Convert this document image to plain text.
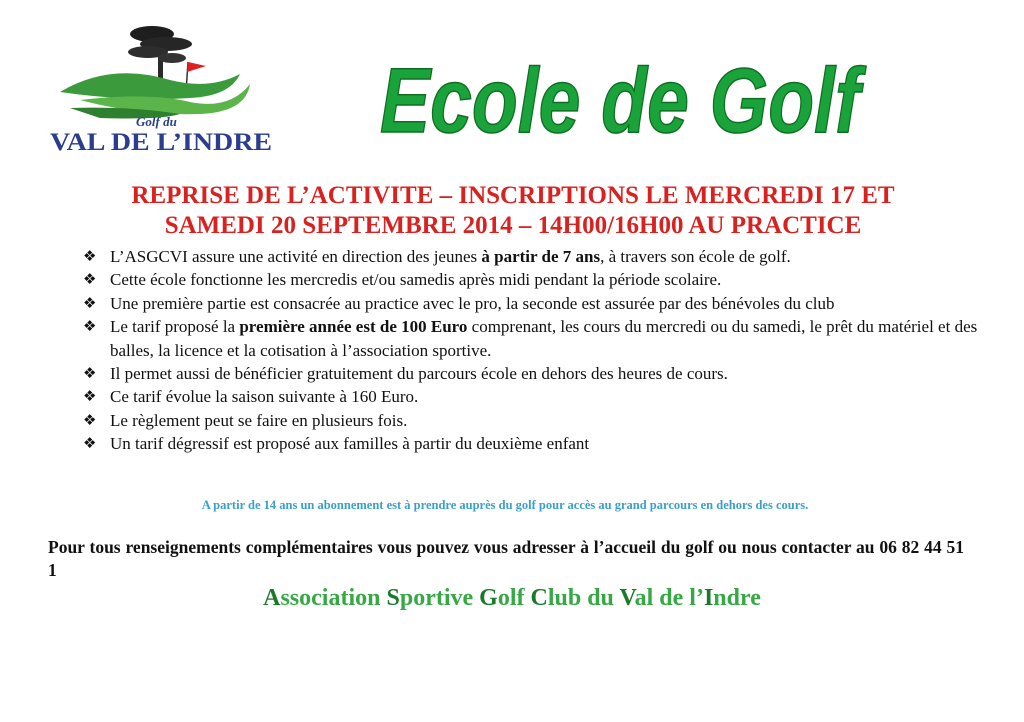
Golf du
VAL DE L’INDRE Ecole de Golf

REPRISE DE L’ACTIVITE – INSCRIPTIONS LE MERCREDI 17 ET
SAMEDI 20 SEPTEMBRE 2014 – 14H00/16H00 AU PRACTICE

❖ L’ASGCVI assure une activité en direction des jeunes à partir de 7 ans, à travers son école de golf.
❖ Cette école fonctionne les mercredis et/ou samedis après midi pendant la période scolaire.
❖ Une première partie est consacrée au practice avec le pro, la seconde est assurée par des bénévoles du club
❖ Le tarif proposé la première année est de 100 Euro comprenant, les cours du mercredi ou du samedi, le prêt du matériel et des balles, la licence et la cotisation à l’association sportive.
❖ Il permet aussi de bénéficier gratuitement du parcours école en dehors des heures de cours.
❖ Ce tarif évolue la saison suivante à 160 Euro.
❖ Le règlement peut se faire en plusieurs fois.
❖ Un tarif dégressif est proposé aux familles à partir du deuxième enfant

A partir de 14 ans un abonnement est à prendre auprès du golf pour accès au grand parcours en dehors des cours.

Pour tous renseignements complémentaires vous pouvez vous adresser à l’accueil du golf ou nous contacter au 06 82 44 51 1

Association Sportive Golf Club du Val de l’Indre
